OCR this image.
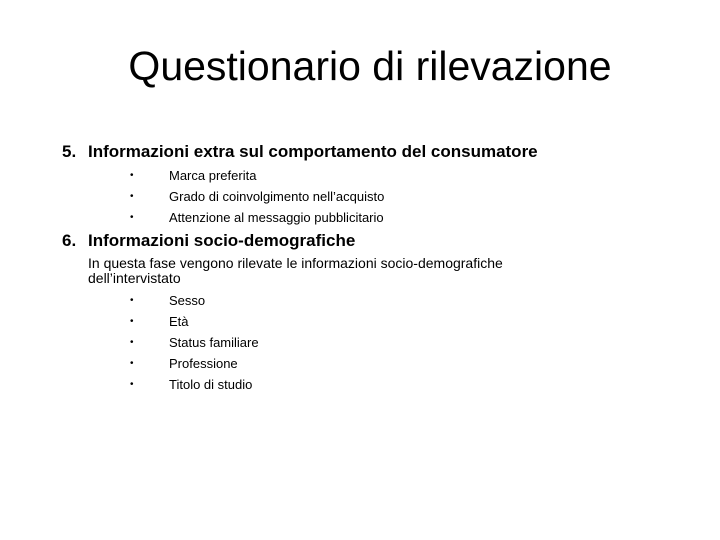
Questionario di rilevazione
5. Informazioni extra sul comportamento del consumatore
•	Marca preferita
•	Grado di coinvolgimento nell’acquisto
•	Attenzione al messaggio pubblicitario
6. Informazioni socio-demografiche
In questa fase vengono rilevate le informazioni socio-demografiche dell’intervistato
•	Sesso
•	Età
•	Status familiare
•	Professione
•	Titolo di studio
